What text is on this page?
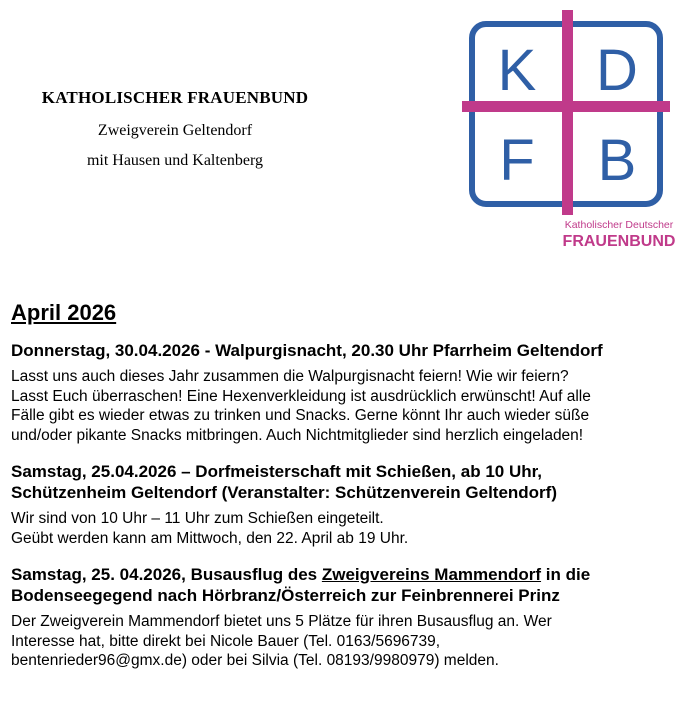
KATHOLISCHER FRAUENBUND
Zweigverein Geltendorf
mit Hausen und Kaltenberg
K D
F B
Katholischer Deutscher
FRAUENBUND
April 2026
Donnerstag, 30.04.2026 - Walpurgisnacht, 20.30 Uhr Pfarrheim Geltendorf
Lasst uns auch dieses Jahr zusammen die Walpurgisnacht feiern! Wie wir feiern?
Lasst Euch überraschen! Eine Hexenverkleidung ist ausdrücklich erwünscht! Auf alle
Fälle gibt es wieder etwas zu trinken und Snacks. Gerne könnt Ihr auch wieder süße
und/oder pikante Snacks mitbringen. Auch Nichtmitglieder sind herzlich eingeladen!
Samstag, 25.04.2026 – Dorfmeisterschaft mit Schießen, ab 10 Uhr,
Schützenheim Geltendorf (Veranstalter: Schützenverein Geltendorf)
Wir sind von 10 Uhr – 11 Uhr zum Schießen eingeteilt.
Geübt werden kann am Mittwoch, den 22. April ab 19 Uhr.
Samstag, 25. 04.2026, Busausflug des Zweigvereins Mammendorf in die
Bodenseegegend nach Hörbranz/Österreich zur Feinbrennerei Prinz
Der Zweigverein Mammendorf bietet uns 5 Plätze für ihren Busausflug an. Wer
Interesse hat, bitte direkt bei Nicole Bauer (Tel. 0163/5696739,
bentenrieder96@gmx.de) oder bei Silvia (Tel. 08193/9980979) melden.
